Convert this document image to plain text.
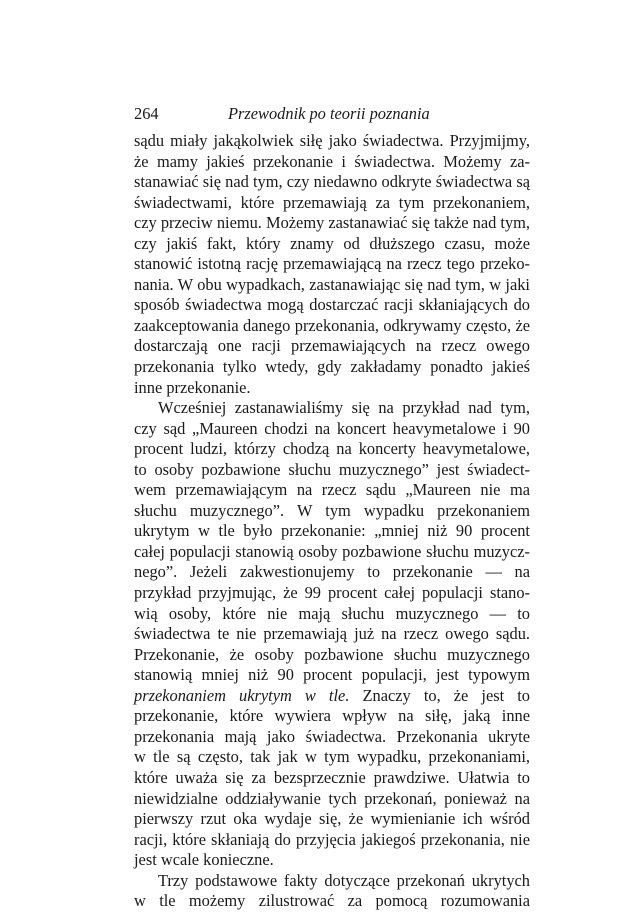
264	Przewodnik po teorii poznania
sądu miały jakąkolwiek siłę jako świadectwa. Przyjmijmy,
że mamy jakieś przekonanie i świadectwa. Możemy za-
stanawiać się nad tym, czy niedawno odkryte świadectwa są
świadectwami, które przemawiają za tym przekonaniem,
czy przeciw niemu. Możemy zastanawiać się także nad tym,
czy jakiś fakt, który znamy od dłuższego czasu, może
stanowić istotną rację przemawiającą na rzecz tego przeko-
nania. W obu wypadkach, zastanawiając się nad tym, w jaki
sposób świadectwa mogą dostarczać racji skłaniających do
zaakceptowania danego przekonania, odkrywamy często, że
dostarczają one racji przemawiających na rzecz owego
przekonania tylko wtedy, gdy zakładamy ponadto jakieś
inne przekonanie.
Wcześniej zastanawialiśmy się na przykład nad tym,
czy sąd „Maureen chodzi na koncert heavymetalowe i 90
procent ludzi, którzy chodzą na koncerty heavymetalowe,
to osoby pozbawione słuchu muzycznego” jest świadect-
wem przemawiającym na rzecz sądu „Maureen nie ma
słuchu muzycznego”. W tym wypadku przekonaniem
ukrytym w tle było przekonanie: „mniej niż 90 procent
całej populacji stanowią osoby pozbawione słuchu muzycz-
nego”. Jeżeli zakwestionujemy to przekonanie — na
przykład przyjmując, że 99 procent całej populacji stano-
wią osoby, które nie mają słuchu muzycznego — to
świadectwa te nie przemawiają już na rzecz owego sądu.
Przekonanie, że osoby pozbawione słuchu muzycznego
stanowią mniej niż 90 procent populacji, jest typowym
przekonaniem ukrytym w tle. Znaczy to, że jest to
przekonanie, które wywiera wpływ na siłę, jaką inne
przekonania mają jako świadectwa. Przekonania ukryte
w tle są często, tak jak w tym wypadku, przekonaniami,
które uważa się za bezsprzecznie prawdziwe. Ułatwia to
niewidzialne oddziaływanie tych przekonań, ponieważ na
pierwszy rzut oka wydaje się, że wymienianie ich wśród
racji, które skłaniają do przyjęcia jakiegoś przekonania, nie
jest wcale konieczne.
Trzy podstawowe fakty dotyczące przekonań ukrytych
w tle możemy zilustrować za pomocą rozumowania
